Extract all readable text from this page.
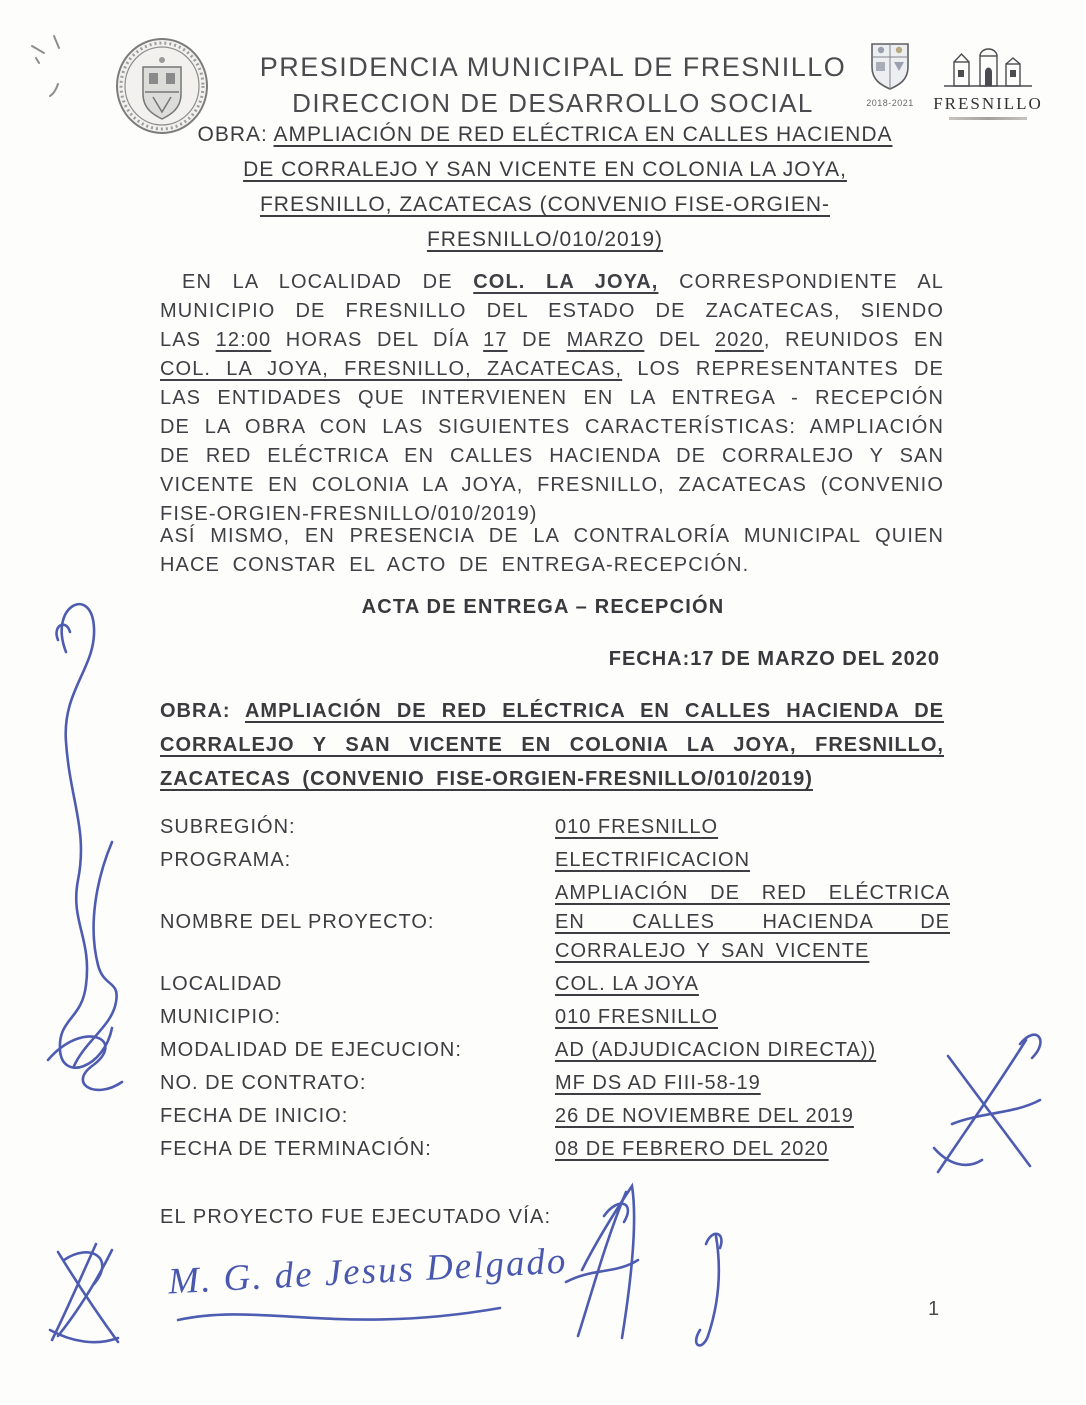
PRESIDENCIA MUNICIPAL DE FRESNILLO
DIRECCION DE DESARROLLO SOCIAL
OBRA: AMPLIACIÓN DE RED ELÉCTRICA EN CALLES HACIENDA DE CORRALEJO Y SAN VICENTE EN COLONIA LA JOYA, FRESNILLO, ZACATECAS (CONVENIO FISE-ORGIEN-FRESNILLO/010/2019)
2018-2021 FRESNILLO
EN LA LOCALIDAD DE COL. LA JOYA, CORRESPONDIENTE AL MUNICIPIO DE FRESNILLO DEL ESTADO DE ZACATECAS, SIENDO LAS 12:00 HORAS DEL DÍA 17 DE MARZO DEL 2020, REUNIDOS EN COL. LA JOYA, FRESNILLO, ZACATECAS, LOS REPRESENTANTES DE LAS ENTIDADES QUE INTERVIENEN EN LA ENTREGA - RECEPCIÓN DE LA OBRA CON LAS SIGUIENTES CARACTERÍSTICAS: AMPLIACIÓN DE RED ELÉCTRICA EN CALLES HACIENDA DE CORRALEJO Y SAN VICENTE EN COLONIA LA JOYA, FRESNILLO, ZACATECAS (CONVENIO FISE-ORGIEN-FRESNILLO/010/2019)
ASÍ MISMO, EN PRESENCIA DE LA CONTRALORÍA MUNICIPAL QUIEN HACE CONSTAR EL ACTO DE ENTREGA-RECEPCIÓN.
ACTA DE ENTREGA – RECEPCIÓN
FECHA:17 DE MARZO DEL 2020
OBRA: AMPLIACIÓN DE RED ELÉCTRICA EN CALLES HACIENDA DE CORRALEJO Y SAN VICENTE EN COLONIA LA JOYA, FRESNILLO, ZACATECAS (CONVENIO FISE-ORGIEN-FRESNILLO/010/2019)
SUBREGIÓN:	010 FRESNILLO
PROGRAMA:	ELECTRIFICACION
NOMBRE DEL PROYECTO:
AMPLIACIÓN DE RED ELÉCTRICA EN CALLES HACIENDA DE CORRALEJO Y SAN VICENTE
LOCALIDAD	COL. LA JOYA
MUNICIPIO:	010 FRESNILLO
MODALIDAD DE EJECUCION:	AD (ADJUDICACION DIRECTA))
NO. DE CONTRATO:	MF DS AD FIII-58-19
FECHA DE INICIO:	26 DE NOVIEMBRE DEL 2019
FECHA DE TERMINACIÓN:	08 DE FEBRERO DEL 2020
EL PROYECTO FUE EJECUTADO VÍA:
M. G. de Jesus Delgado
1
